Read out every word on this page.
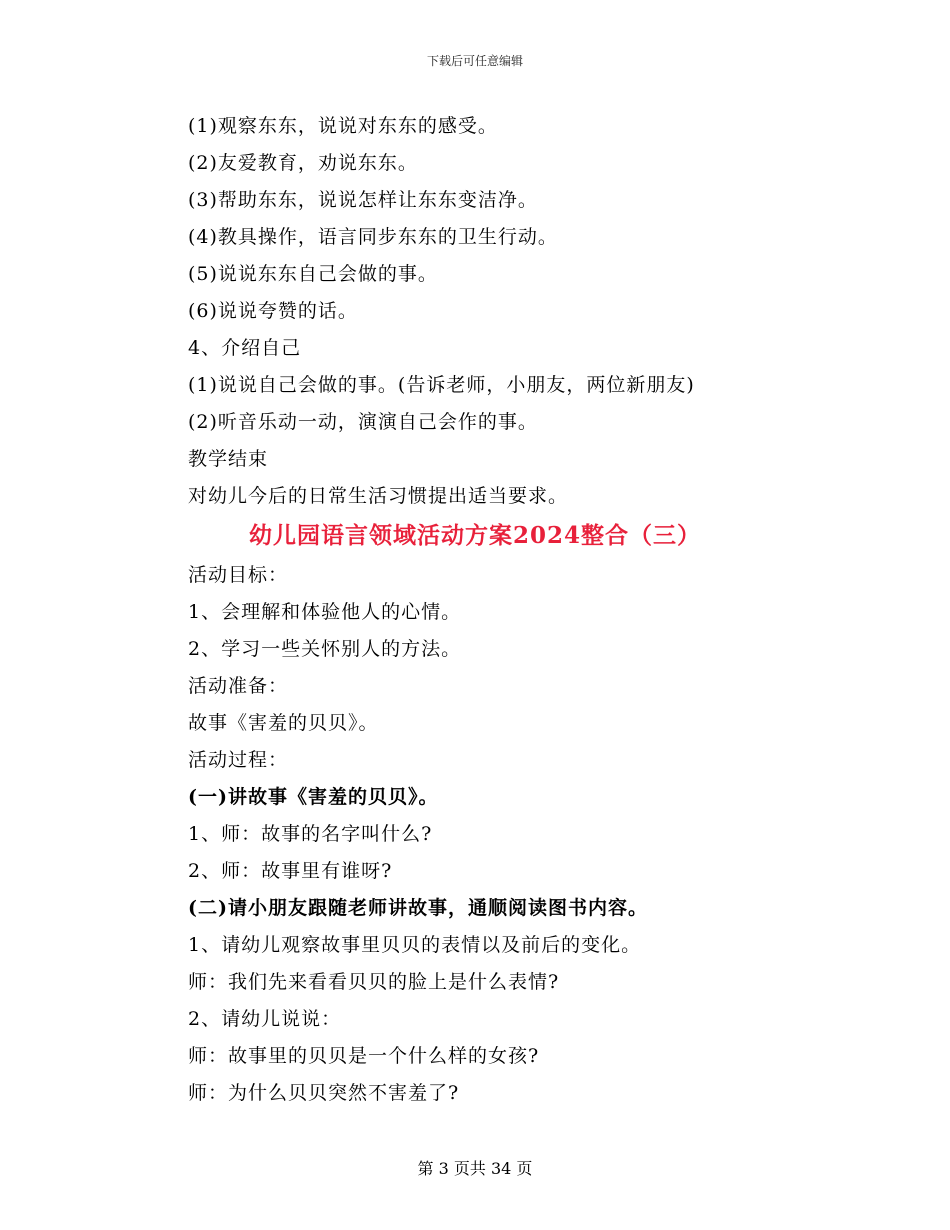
下载后可任意编辑
(1)观察东东，说说对东东的感受。
(2)友爱教育，劝说东东。
(3)帮助东东，说说怎样让东东变洁净。
(4)教具操作，语言同步东东的卫生行动。
(5)说说东东自己会做的事。
(6)说说夸赞的话。
4、介绍自己
(1)说说自己会做的事。(告诉老师，小朋友，两位新朋友)
(2)听音乐动一动，演演自己会作的事。
教学结束
对幼儿今后的日常生活习惯提出适当要求。
幼儿园语言领域活动方案2024整合（三）
活动目标：
1、会理解和体验他人的心情。
2、学习一些关怀别人的方法。
活动准备：
故事《害羞的贝贝》。
活动过程：
(一)讲故事《害羞的贝贝》。
1、师：故事的名字叫什么?
2、师：故事里有谁呀?
(二)请小朋友跟随老师讲故事，通顺阅读图书内容。
1、请幼儿观察故事里贝贝的表情以及前后的变化。
师：我们先来看看贝贝的脸上是什么表情?
2、请幼儿说说：
师：故事里的贝贝是一个什么样的女孩?
师：为什么贝贝突然不害羞了?
第 3 页共 34 页
